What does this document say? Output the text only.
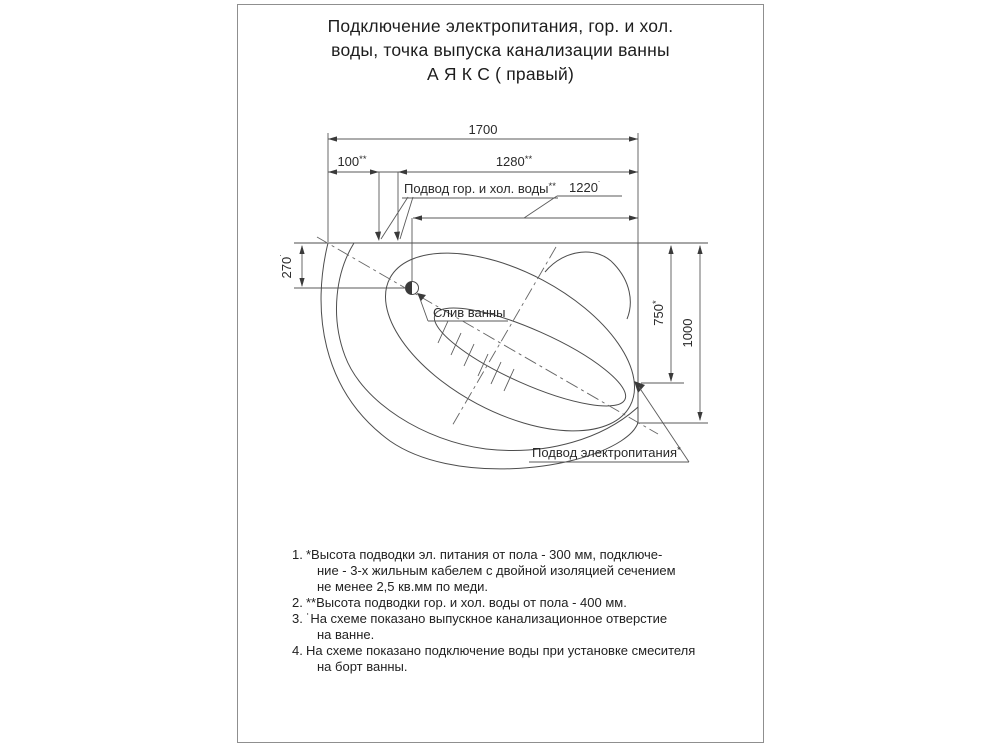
Подключение электропитания, гор. и хол.
воды, точка выпуска канализации ванны
А Я К С ( правый)
1. *Высота подводки эл. питания от пола - 300 мм, подключе-
ние - 3-х жильным кабелем с двойной изоляцией сечением
не менее 2,5 кв.мм по меди.
2. **Высота подводки гор. и хол. воды от пола - 400 мм.
3. ˙На схеме показано выпускное канализационное отверстие
на ванне.
4. На схеме показано подключение воды при установке смесителя
на борт ванны.
1700
100**	1280**
Подвод гор. и хол. воды** 1220˙
270˙
750*
1000
Слив ванны
Подвод электропитания*
